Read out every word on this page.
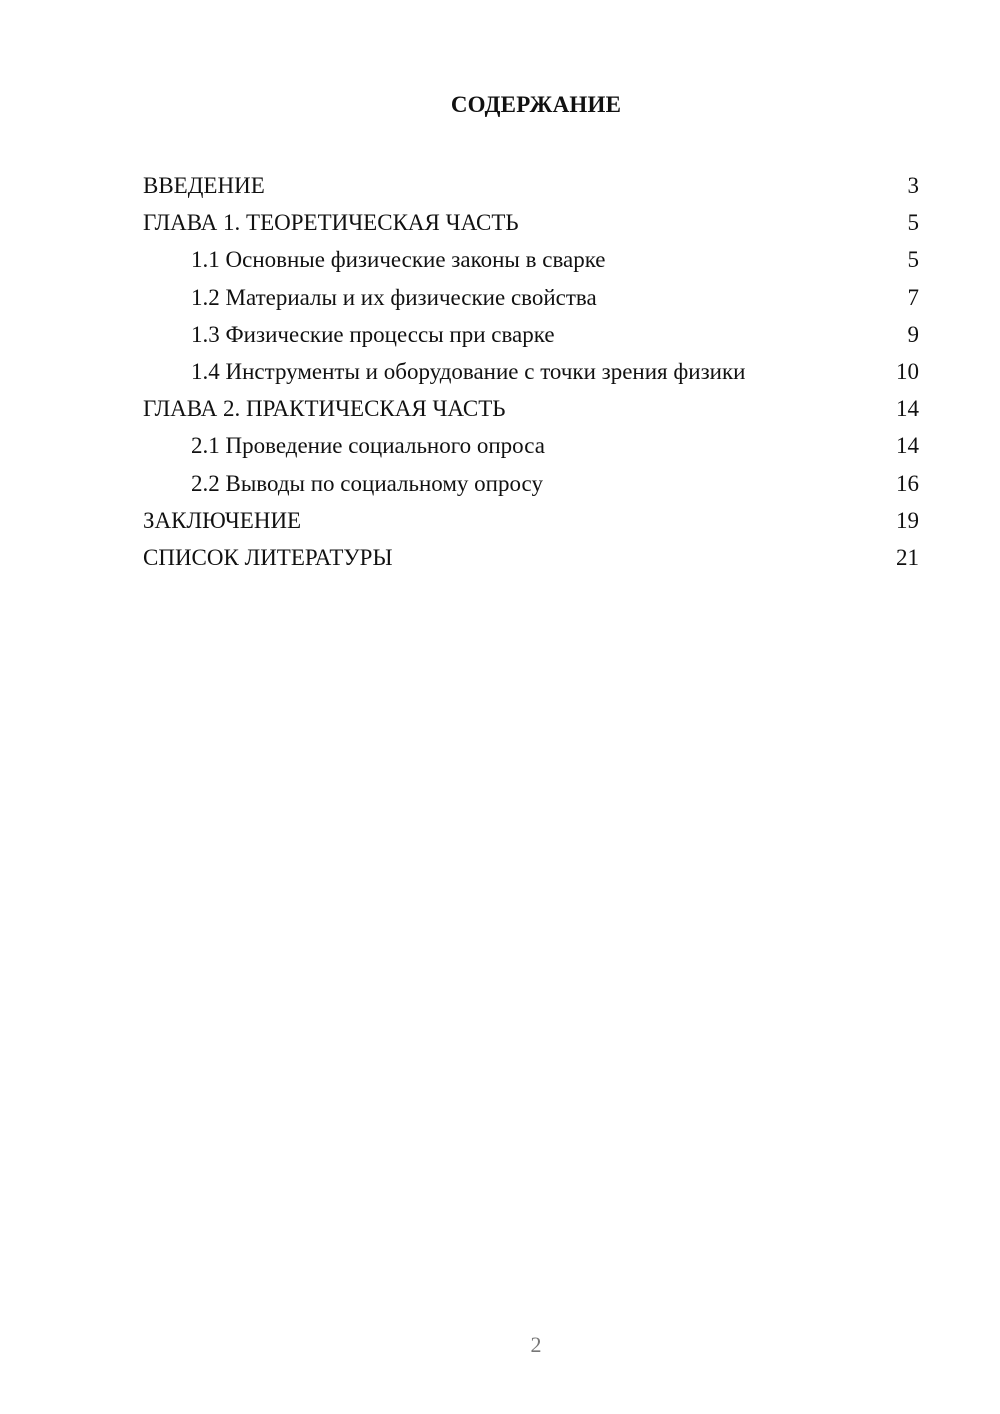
СОДЕРЖАНИЕ
ВВЕДЕНИЕ	3
ГЛАВА 1. ТЕОРЕТИЧЕСКАЯ ЧАСТЬ	5
1.1 Основные физические законы в сварке	5
1.2 Материалы и их физические свойства	7
1.3 Физические процессы при сварке	9
1.4 Инструменты и оборудование с точки зрения физики	10
ГЛАВА 2. ПРАКТИЧЕСКАЯ ЧАСТЬ	14
2.1 Проведение социального опроса	14
2.2 Выводы по социальному опросу	16
ЗАКЛЮЧЕНИЕ	19
СПИСОК ЛИТЕРАТУРЫ	21
2
